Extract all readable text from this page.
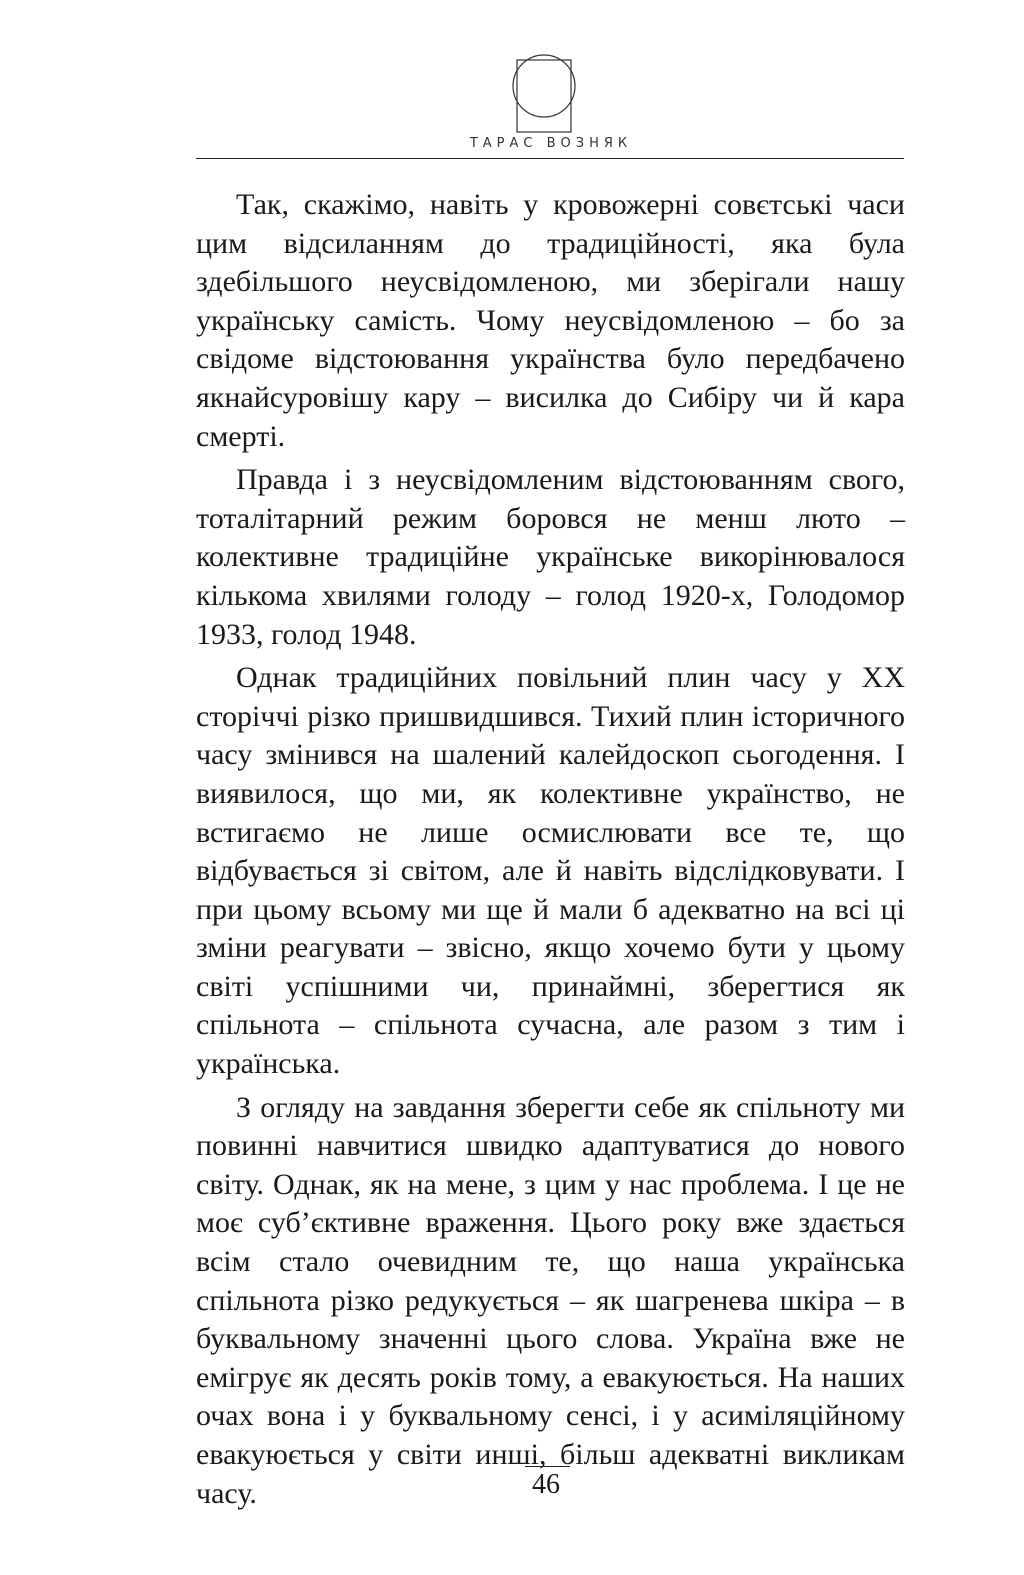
ТАРАС ВОЗНЯК

Так, скажімо, навіть у кровожерні совєтські часи цим відсиланням до традиційності, яка була здебільшого неусвідомленою, ми зберігали нашу українську самість. Чому неусвідомленою – бо за свідоме відстоювання українства було передбачено якнайсуровішу кару – висилка до Сибіру чи й кара смерті.

Правда і з неусвідомленим відстоюванням свого, тоталітарний режим боровся не менш люто – колективне традиційне українське викорінювалося кількома хвилями голоду – голод 1920-х, Голодомор 1933, голод 1948.

Однак традиційних повільний плин часу у ХХ сторіччі різко пришвидшився. Тихий плин історичного часу змінився на шалений калейдоскоп сьогодення. І виявилося, що ми, як колективне українство, не встигаємо не лише осмислювати все те, що відбувається зі світом, але й навіть відслідковувати. І при цьому всьому ми ще й мали б адекватно на всі ці зміни реагувати – звісно, якщо хочемо бути у цьому світі успішними чи, принаймні, зберегтися як спільнота – спільнота сучасна, але разом з тим і українська.

З огляду на завдання зберегти себе як спільноту ми повинні навчитися швидко адаптуватися до нового світу. Однак, як на мене, з цим у нас проблема. І це не моє суб’єктивне враження. Цього року вже здається всім стало очевидним те, що наша українська спільнота різко редукується – як шагренева шкіра – в буквальному значенні цього слова. Україна вже не емігрує як десять років тому, а евакуюється. На наших очах вона і у буквальному сенсі, і у асиміляційному евакуюється у світи инші, більш адекватні викликам часу.	46
